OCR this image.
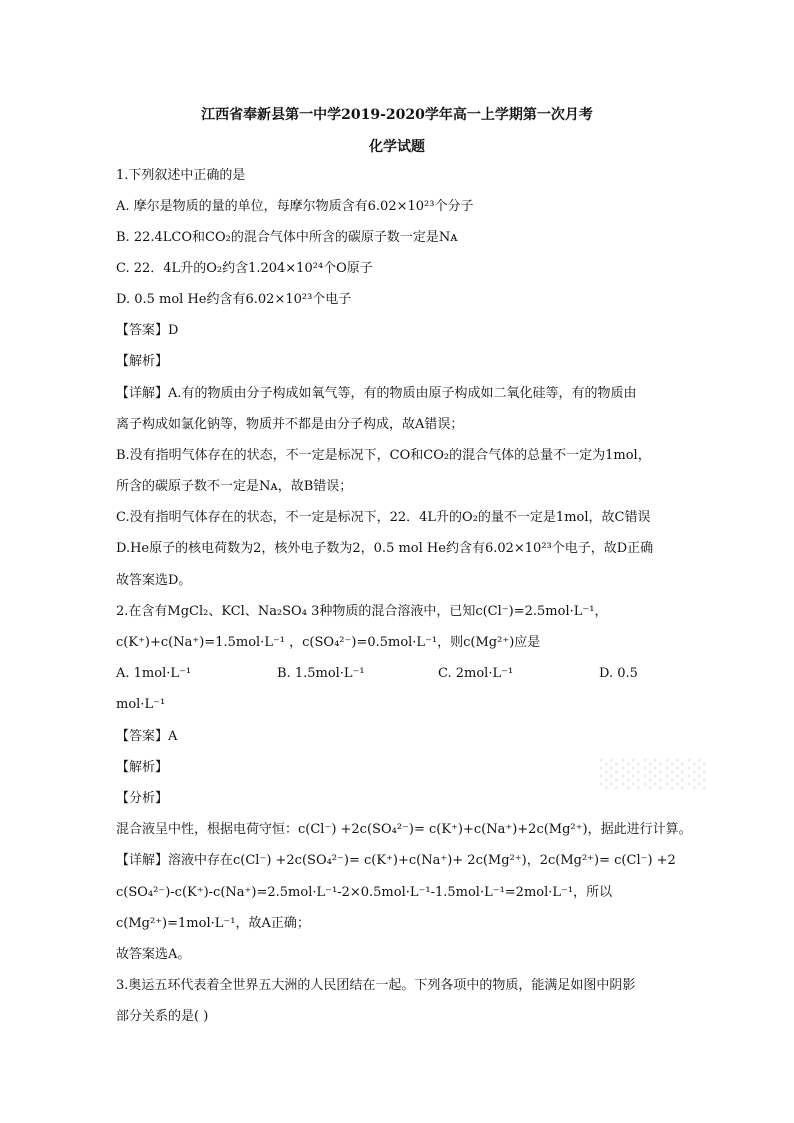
江西省奉新县第一中学2019-2020学年高一上学期第一次月考
化学试题
1.下列叙述中正确的是
A. 摩尔是物质的量的单位，每摩尔物质含有6.02×10²³个分子
B. 22.4LCO和CO₂的混合气体中所含的碳原子数一定是Nᴀ
C. 22．4L升的O₂约含1.204×10²⁴个O原子
D. 0.5 mol He约含有6.02×10²³个电子
【答案】D
【解析】
【详解】A.有的物质由分子构成如氧气等，有的物质由原子构成如二氧化硅等，有的物质由
离子构成如氯化钠等，物质并不都是由分子构成，故A错误；
B.没有指明气体存在的状态，不一定是标况下，CO和CO₂的混合气体的总量不一定为1mol，
所含的碳原子数不一定是Nᴀ，故B错误；
C.没有指明气体存在的状态，不一定是标况下，22．4L升的O₂的量不一定是1mol，故C错误
D.He原子的核电荷数为2，核外电子数为2，0.5 mol He约含有6.02×10²³个电子，故D正确
故答案选D。
2.在含有MgCl₂、KCl、Na₂SO₄ 3种物质的混合溶液中，已知c(Cl⁻)=2.5mol·L⁻¹，
c(K⁺)+c(Na⁺)=1.5mol·L⁻¹ ，c(SO₄²⁻)=0.5mol·L⁻¹，则c(Mg²⁺)应是
A. 1mol·L⁻¹	B. 1.5mol·L⁻¹	C. 2mol·L⁻¹	D. 0.5
mol·L⁻¹
【答案】A
【解析】
【分析】
混合液呈中性，根据电荷守恒：c(Cl⁻) +2c(SO₄²⁻)= c(K⁺)+c(Na⁺)+2c(Mg²⁺)，据此进行计算。
【详解】溶液中存在c(Cl⁻) +2c(SO₄²⁻)= c(K⁺)+c(Na⁺)+ 2c(Mg²⁺)，2c(Mg²⁺)= c(Cl⁻) +2
c(SO₄²⁻)-c(K⁺)-c(Na⁺)=2.5mol·L⁻¹-2×0.5mol·L⁻¹-1.5mol·L⁻¹=2mol·L⁻¹，所以
c(Mg²⁺)=1mol·L⁻¹，故A正确；
故答案选A。
3.奥运五环代表着全世界五大洲的人民团结在一起。下列各项中的物质，能满足如图中阴影
部分关系的是( )
░░░░░
